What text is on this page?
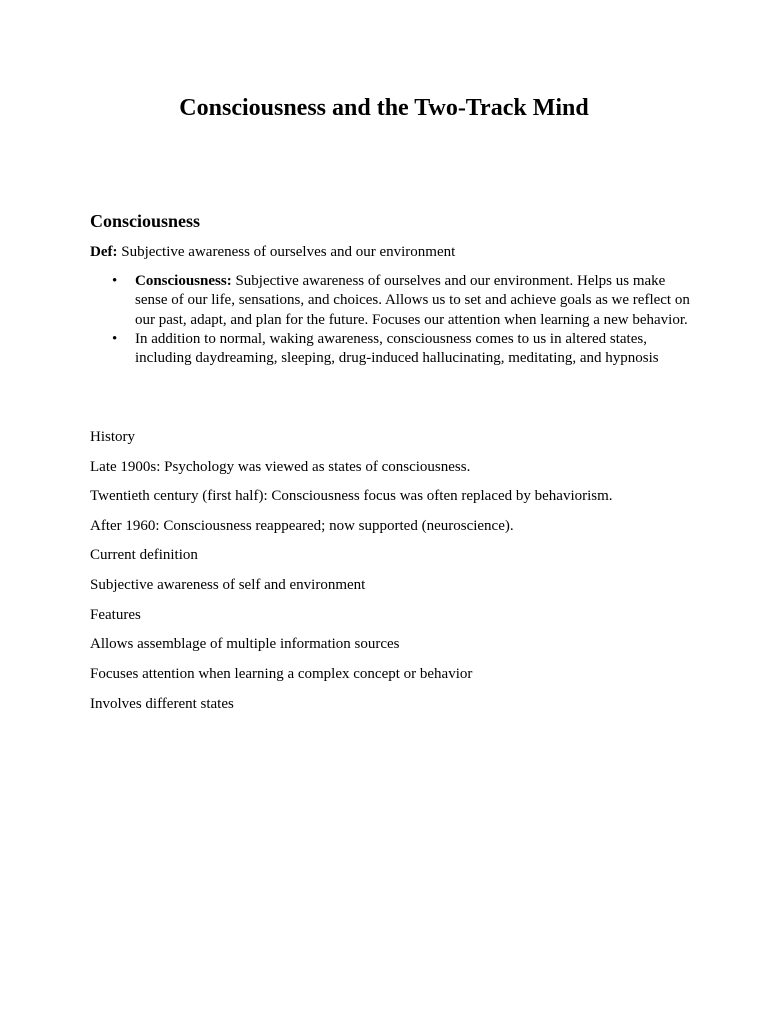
Consciousness and the Two-Track Mind
Consciousness

Def: Subjective awareness of ourselves and our environment

• Consciousness: Subjective awareness of ourselves and our environment. Helps us make sense of our life, sensations, and choices. Allows us to set and achieve goals as we reflect on our past, adapt, and plan for the future. Focuses our attention when learning a new behavior.
• In addition to normal, waking awareness, consciousness comes to us in altered states, including daydreaming, sleeping, drug-induced hallucinating, meditating, and hypnosis

History

Late 1900s: Psychology was viewed as states of consciousness.

Twentieth century (first half): Consciousness focus was often replaced by behaviorism.

After 1960: Consciousness reappeared; now supported (neuroscience).

Current definition

Subjective awareness of self and environment

Features

Allows assemblage of multiple information sources

Focuses attention when learning a complex concept or behavior

Involves different states
